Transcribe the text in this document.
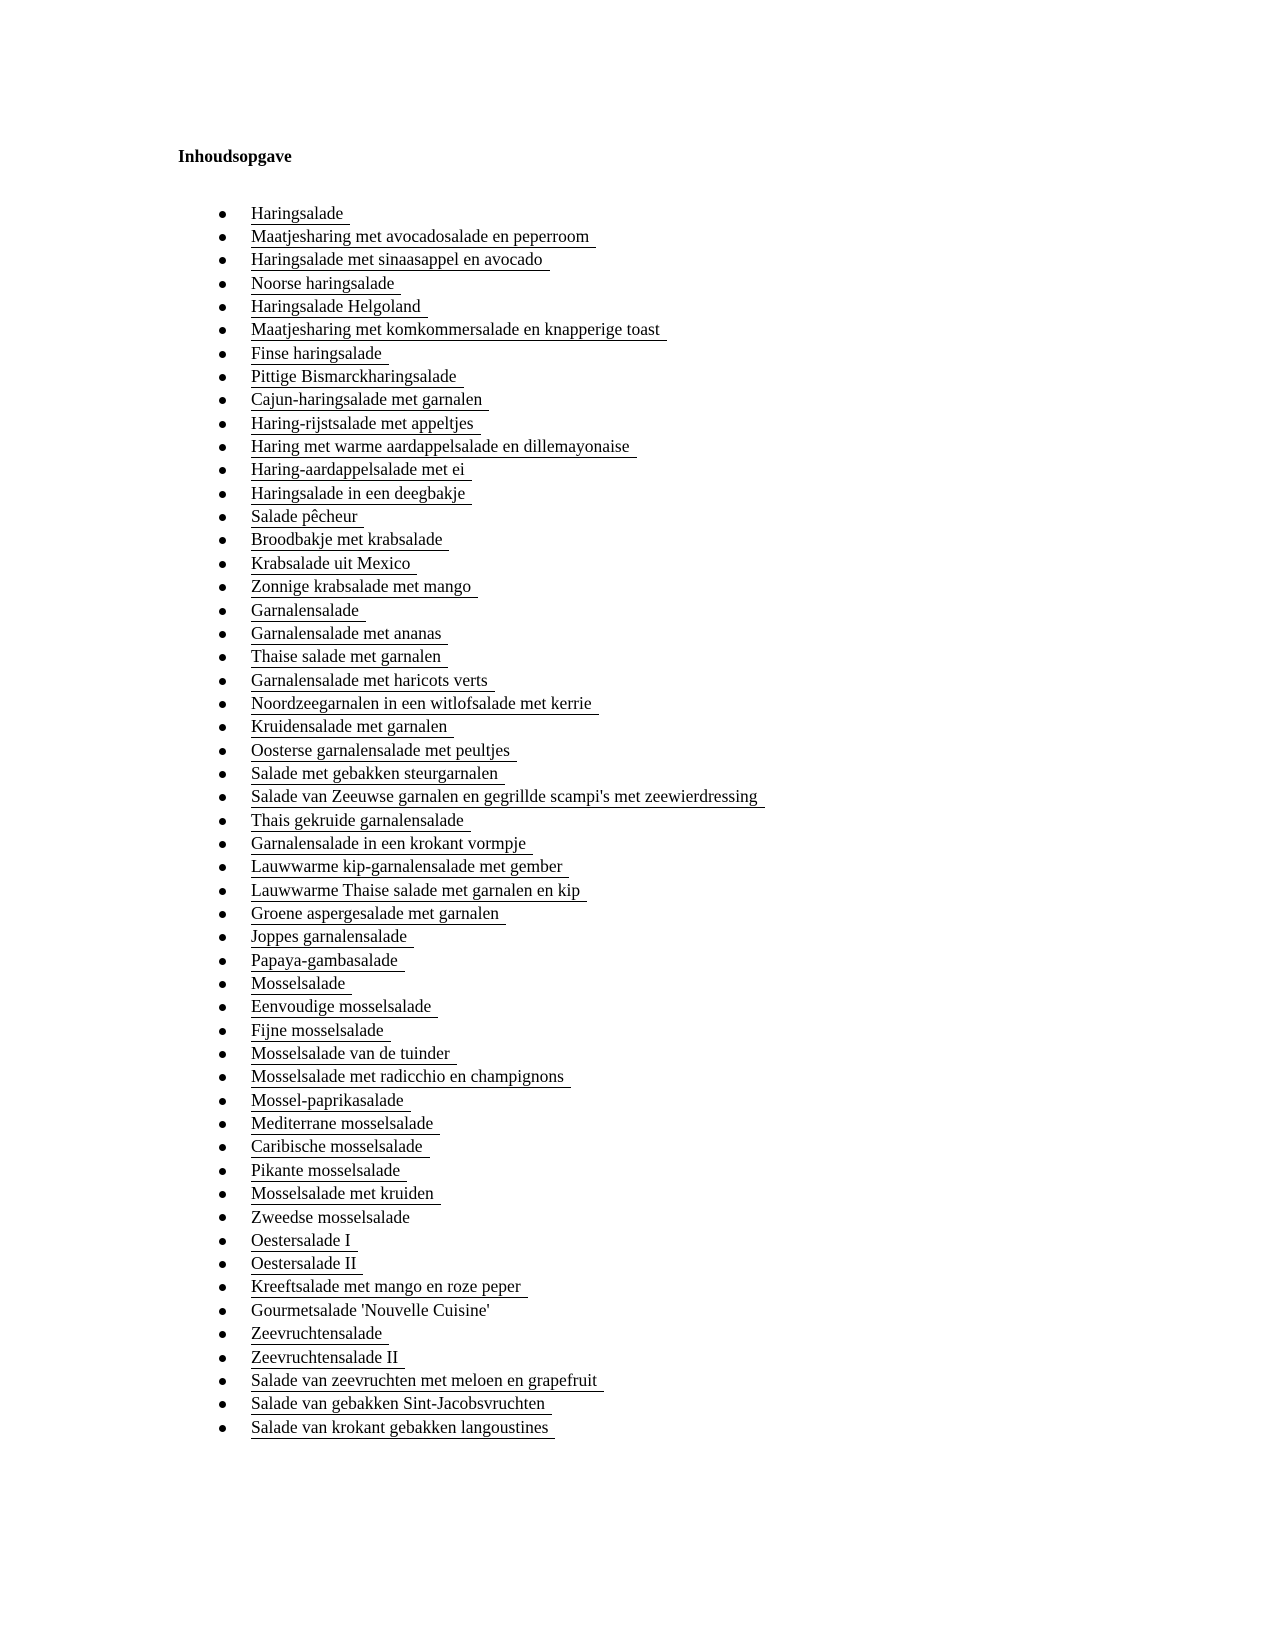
Inhoudsopgave
Haringsalade
Maatjesharing met avocadosalade en peperroom
Haringsalade met sinaasappel en avocado
Noorse haringsalade
Haringsalade Helgoland
Maatjesharing met komkommersalade en knapperige toast
Finse haringsalade
Pittige Bismarckharingsalade
Cajun-haringsalade met garnalen
Haring-rijstsalade met appeltjes
Haring met warme aardappelsalade en dillemayonaise
Haring-aardappelsalade met ei
Haringsalade in een deegbakje
Salade pêcheur
Broodbakje met krabsalade
Krabsalade uit Mexico
Zonnige krabsalade met mango
Garnalensalade
Garnalensalade met ananas
Thaise salade met garnalen
Garnalensalade met haricots verts
Noordzeegarnalen in een witlofsalade met kerrie
Kruidensalade met garnalen
Oosterse garnalensalade met peultjes
Salade met gebakken steurgarnalen
Salade van Zeeuwse garnalen en gegrillde scampi's met zeewierdressing
Thais gekruide garnalensalade
Garnalensalade in een krokant vormpje
Lauwwarme kip-garnalensalade met gember
Lauwwarme Thaise salade met garnalen en kip
Groene aspergesalade met garnalen
Joppes garnalensalade
Papaya-gambasalade
Mosselsalade
Eenvoudige mosselsalade
Fijne mosselsalade
Mosselsalade van de tuinder
Mosselsalade met radicchio en champignons
Mossel-paprikasalade
Mediterrane mosselsalade
Caribische mosselsalade
Pikante mosselsalade
Mosselsalade met kruiden
Zweedse mosselsalade
Oestersalade I
Oestersalade II
Kreeftsalade met mango en roze peper
Gourmetsalade 'Nouvelle Cuisine'
Zeevruchtensalade
Zeevruchtensalade II
Salade van zeevruchten met meloen en grapefruit
Salade van gebakken Sint-Jacobsvruchten
Salade van krokant gebakken langoustines
